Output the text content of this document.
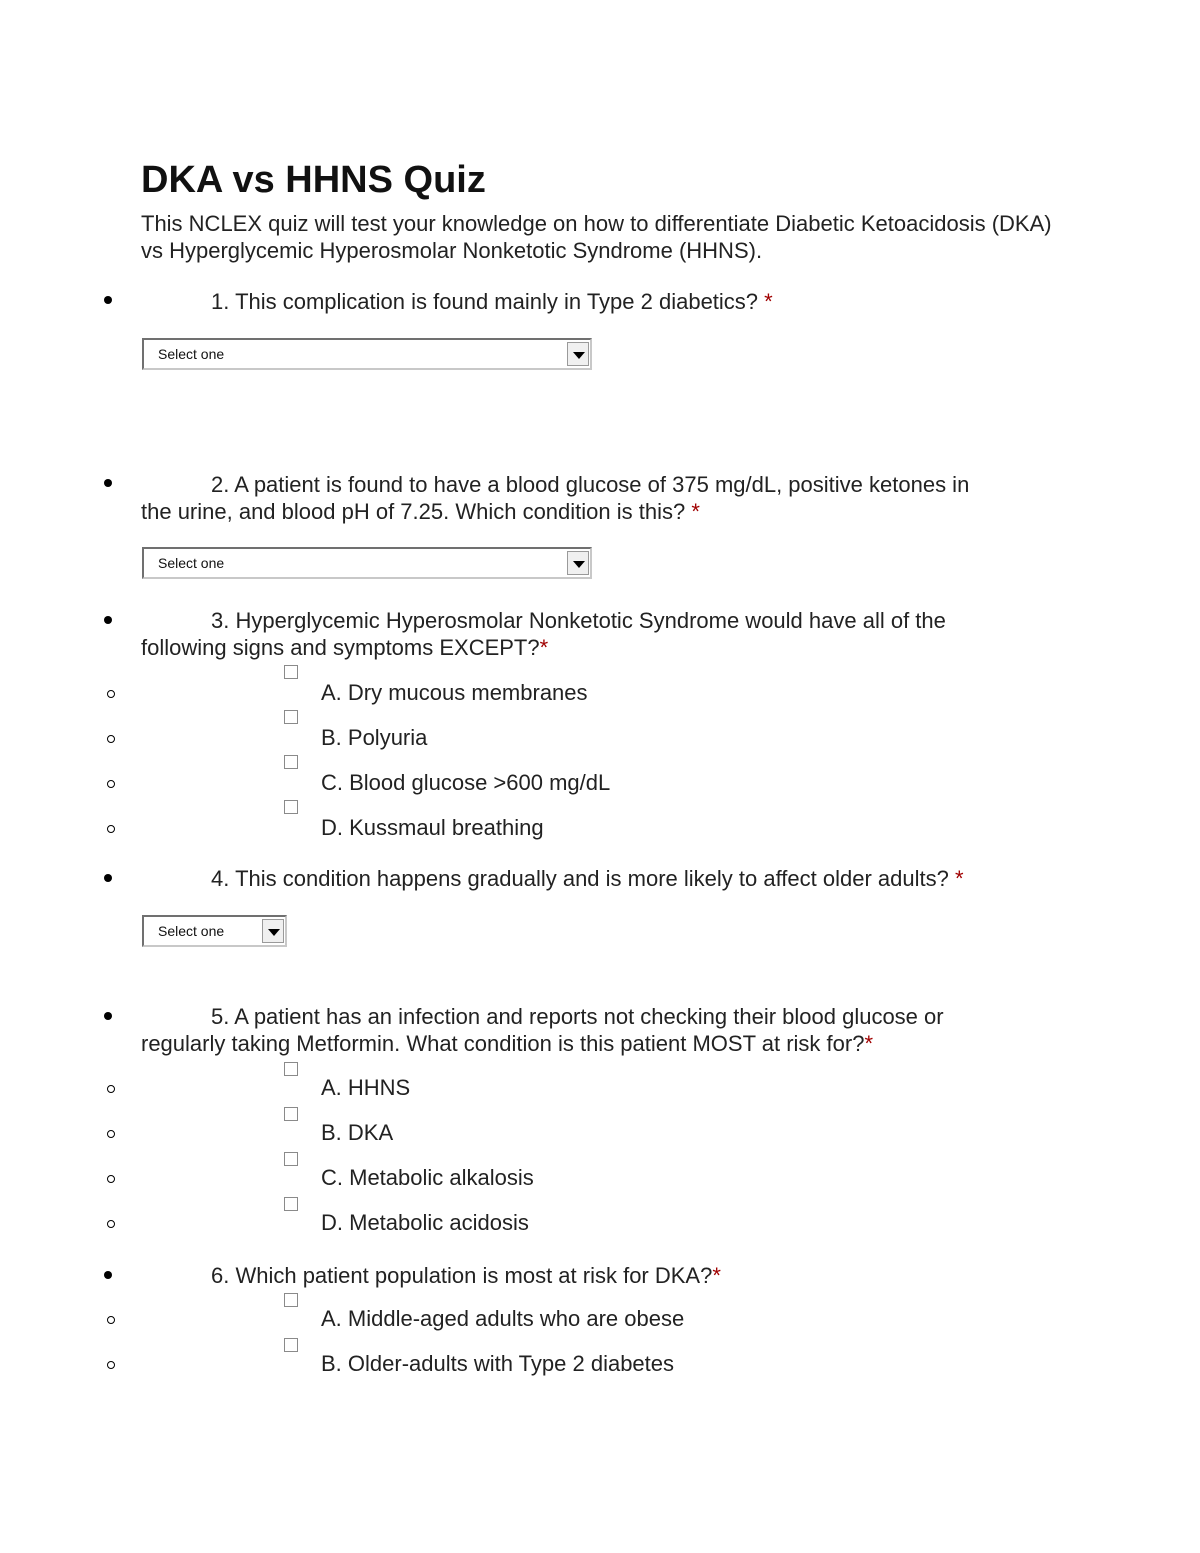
DKA vs HHNS Quiz
This NCLEX quiz will test your knowledge on how to differentiate Diabetic Ketoacidosis (DKA) vs Hyperglycemic Hyperosmolar Nonketotic Syndrome (HHNS).
1. This complication is found mainly in Type 2 diabetics? *
Select one
2. A patient is found to have a blood glucose of 375 mg/dL, positive ketones in
the urine, and blood pH of 7.25. Which condition is this? *
Select one
3. Hyperglycemic Hyperosmolar Nonketotic Syndrome would have all of the
following signs and symptoms EXCEPT?*
A. Dry mucous membranes
B. Polyuria
C. Blood glucose >600 mg/dL
D. Kussmaul breathing
4. This condition happens gradually and is more likely to affect older adults? *
Select one
5. A patient has an infection and reports not checking their blood glucose or
regularly taking Metformin. What condition is this patient MOST at risk for?*
A. HHNS
B. DKA
C. Metabolic alkalosis
D. Metabolic acidosis
6. Which patient population is most at risk for DKA?*
A. Middle-aged adults who are obese
B. Older-adults with Type 2 diabetes
